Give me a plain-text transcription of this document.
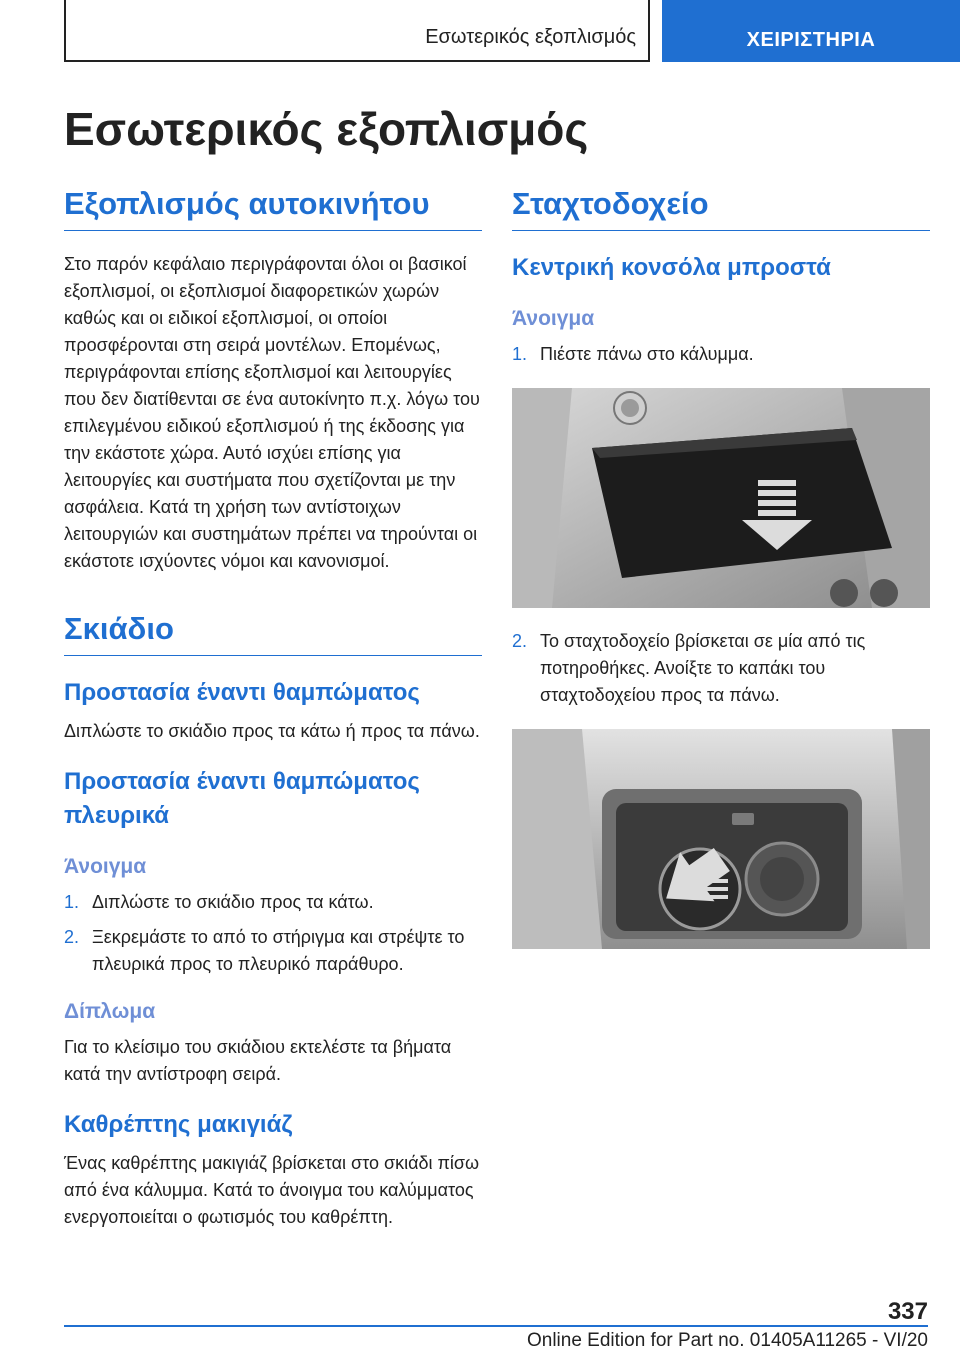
Εσωτερικός εξοπλισμός	ΧΕΙΡΙΣΤΗΡΙΑ
Εσωτερικός εξοπλισμός
Εξοπλισμός αυτοκινήτου

Στο παρόν κεφάλαιο περιγράφονται όλοι οι βασικοί εξοπλισμοί, οι εξοπλισμοί διαφορετικών χωρών καθώς και οι ειδικοί εξοπλισμοί, οι οποίοι προσφέρονται στη σειρά μοντέλων. Επομένως, περιγράφονται επίσης εξοπλισμοί και λειτουργίες που δεν διατίθενται σε ένα αυτοκίνητο π.χ. λόγω του επιλεγμένου ειδικού εξοπλισμού ή της έκδοσης για την εκάστοτε χώρα. Αυτό ισχύει επίσης για λειτουργίες και συστήματα που σχετίζονται με την ασφάλεια. Κατά τη χρήση των αντίστοιχων λειτουργιών και συστημάτων πρέπει να τηρούνται οι εκάστοτε ισχύοντες νόμοι και κανονισμοί.

Σκιάδιο
Προστασία έναντι θαμπώματος

Διπλώστε το σκιάδιο προς τα κάτω ή προς τα πάνω.

Προστασία έναντι θαμπώματος πλευρικά
Άνοιγμα
1. Διπλώστε το σκιάδιο προς τα κάτω.
2. Ξεκρεμάστε το από το στήριγμα και στρέψτε το πλευρικά προς το πλευρικό παράθυρο.
Δίπλωμα

Για το κλείσιμο του σκιάδιου εκτελέστε τα βήματα κατά την αντίστροφη σειρά.

Καθρέπτης μακιγιάζ

Ένας καθρέπτης μακιγιάζ βρίσκεται στο σκιάδι πίσω από ένα κάλυμμα. Κατά το άνοιγμα του καλύμματος ενεργοποιείται ο φωτισμός του καθρέπτη.

Σταχτοδοχείο
Κεντρική κονσόλα μπροστά
Άνοιγμα
1. Πιέστε πάνω στο κάλυμμα.
2. Το σταχτοδοχείο βρίσκεται σε μία από τις ποτηροθήκες. Ανοίξτε το καπάκι του σταχτοδοχείου προς τα πάνω.
337
Online Edition for Part no. 01405A11265 - VI/20
